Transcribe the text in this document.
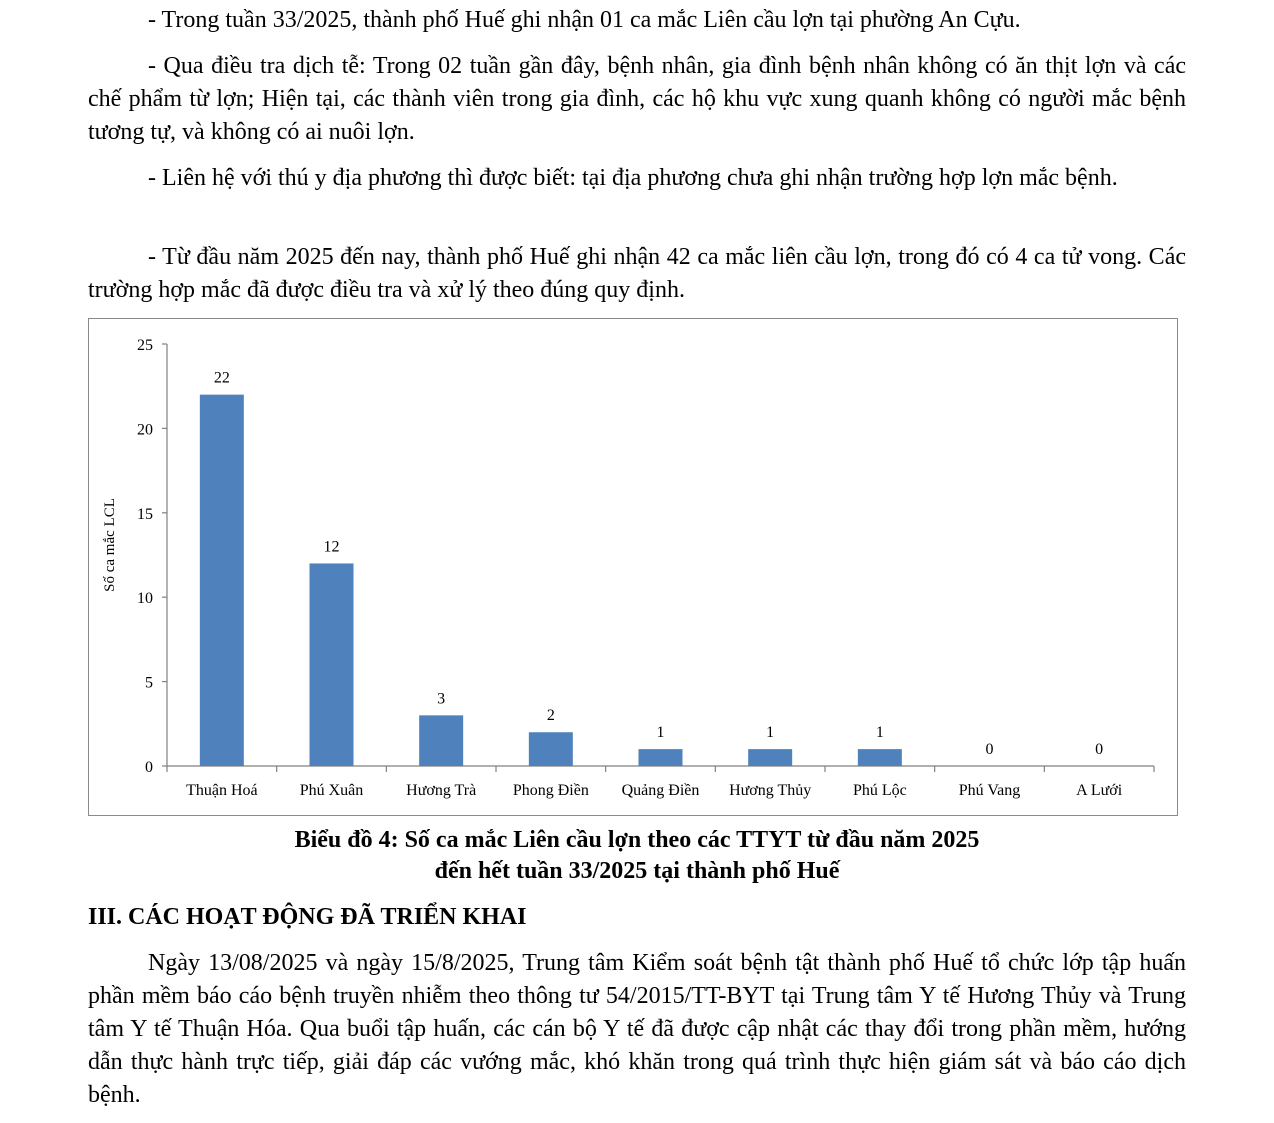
- Trong tuần 33/2025, thành phố Huế ghi nhận 01 ca mắc Liên cầu lợn tại phường An Cựu.

- Qua điều tra dịch tễ: Trong 02 tuần gần đây, bệnh nhân, gia đình bệnh nhân không có ăn thịt lợn và các chế phẩm từ lợn; Hiện tại, các thành viên trong gia đình, các hộ khu vực xung quanh không có người mắc bệnh tương tự, và không có ai nuôi lợn.

- Liên hệ với thú y địa phương thì được biết: tại địa phương chưa ghi nhận trường hợp lợn mắc bệnh.

- Từ đầu năm 2025 đến nay, thành phố Huế ghi nhận 42 ca mắc liên cầu lợn, trong đó có 4 ca tử vong. Các trường hợp mắc đã được điều tra và xử lý theo đúng quy định.

0
5
10
15
20
25
Số ca mắc LCL
22
Thuận Hoá
12
Phú Xuân
3
Hương Trà
2
Phong Điền
1
Quảng Điền
1
Hương Thủy
1
Phú Lộc
0
Phú Vang
0
A Lưới

Biểu đồ 4: Số ca mắc Liên cầu lợn theo các TTYT từ đầu năm 2025

đến hết tuần 33/2025 tại thành phố Huế

III. CÁC HOẠT ĐỘNG ĐÃ TRIỂN KHAI

Ngày 13/08/2025 và ngày 15/8/2025, Trung tâm Kiểm soát bệnh tật thành phố Huế tổ chức lớp tập huấn phần mềm báo cáo bệnh truyền nhiễm theo thông tư 54/2015/TT-BYT tại Trung tâm Y tế Hương Thủy và Trung tâm Y tế Thuận Hóa. Qua buổi tập huấn, các cán bộ Y tế đã được cập nhật các thay đổi trong phần mềm, hướng dẫn thực hành trực tiếp, giải đáp các vướng mắc, khó khăn trong quá trình thực hiện giám sát và báo cáo dịch bệnh.
